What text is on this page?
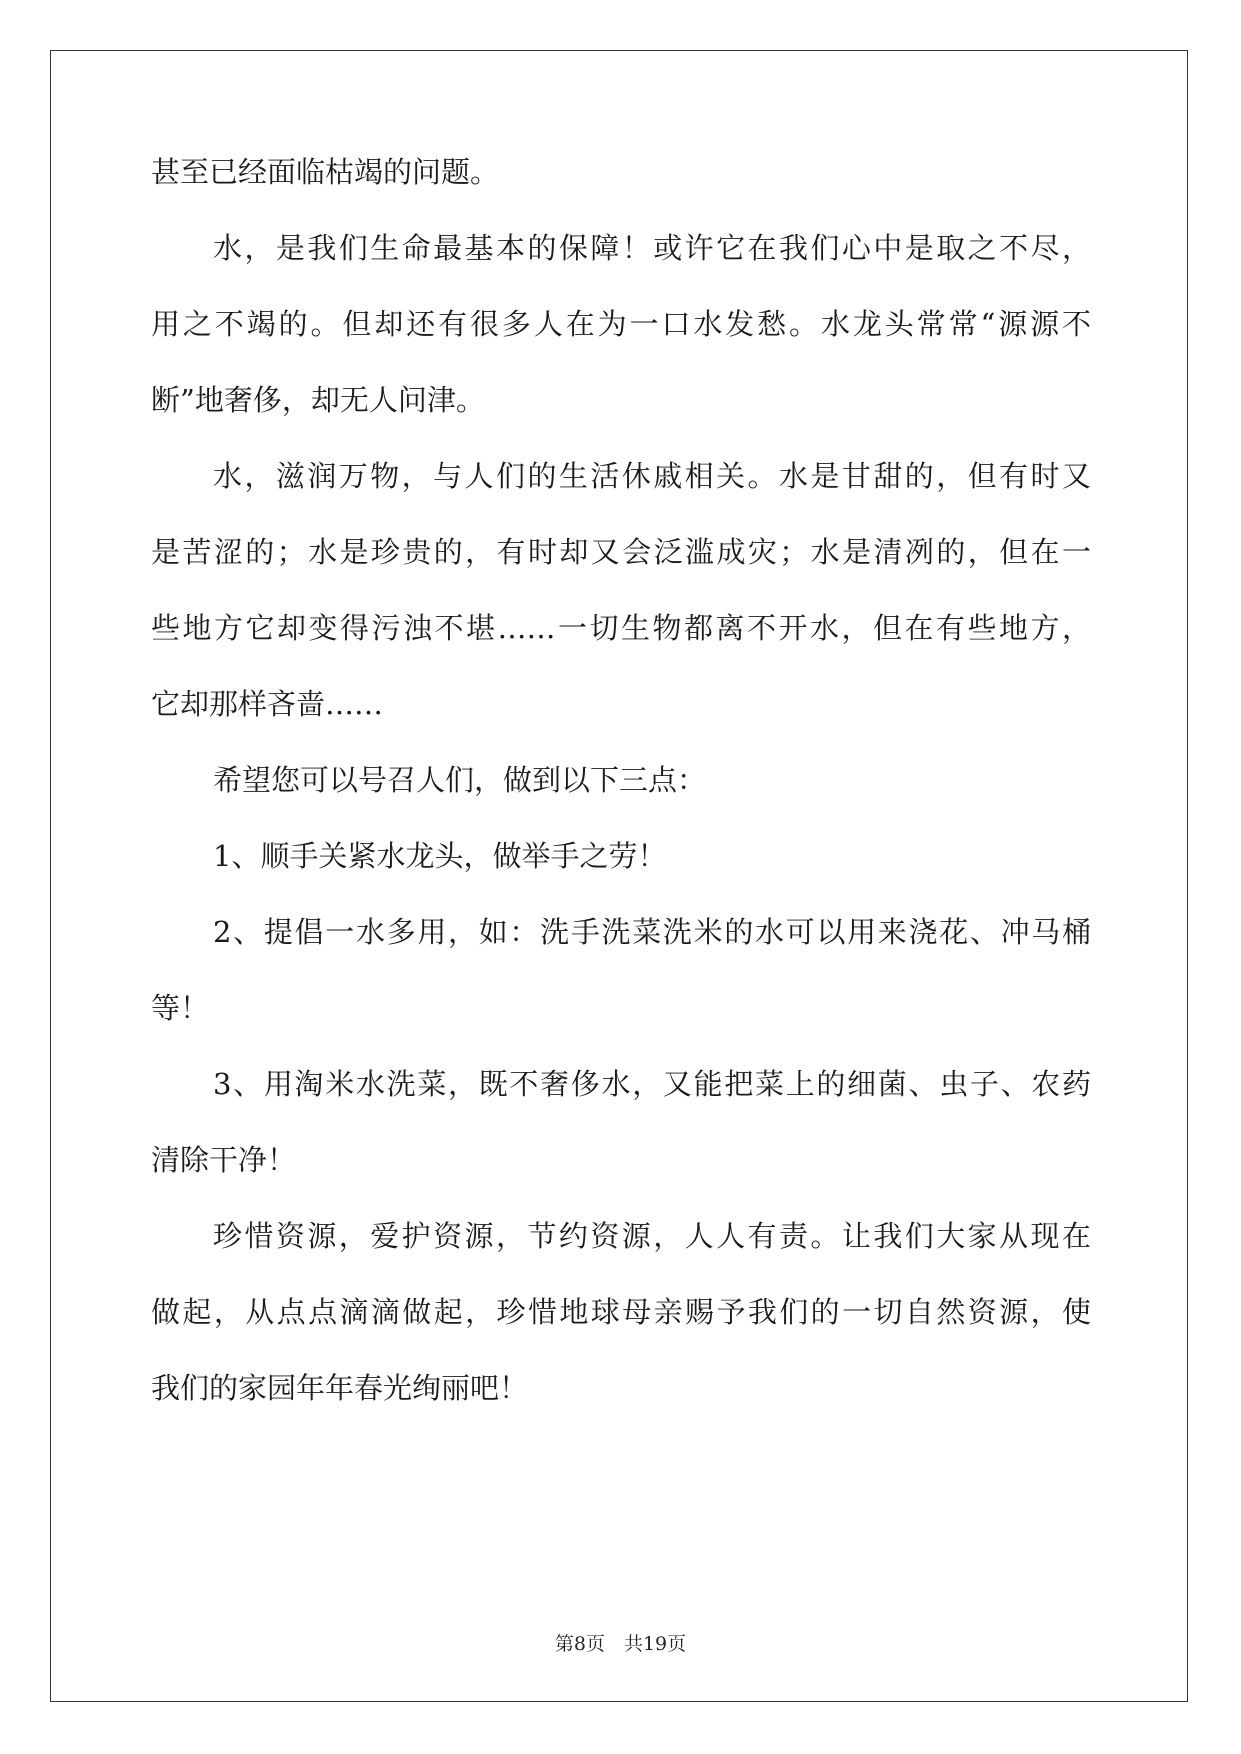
甚至已经面临枯竭的问题。
水，是我们生命最基本的保障！或许它在我们心中是取之不尽，
用之不竭的。但却还有很多人在为一口水发愁。水龙头常常“源源不
断”地奢侈，却无人问津。
水，滋润万物，与人们的生活休戚相关。水是甘甜的，但有时又
是苦涩的；水是珍贵的，有时却又会泛滥成灾；水是清冽的，但在一
些地方它却变得污浊不堪……一切生物都离不开水，但在有些地方，
它却那样吝啬……
希望您可以号召人们，做到以下三点：
1、顺手关紧水龙头，做举手之劳！
2、提倡一水多用，如：洗手洗菜洗米的水可以用来浇花、冲马桶
等！
3、用淘米水洗菜，既不奢侈水，又能把菜上的细菌、虫子、农药
清除干净！
珍惜资源，爱护资源，节约资源，人人有责。让我们大家从现在
做起，从点点滴滴做起，珍惜地球母亲赐予我们的一切自然资源，使
我们的家园年年春光绚丽吧！
第8页　共19页
